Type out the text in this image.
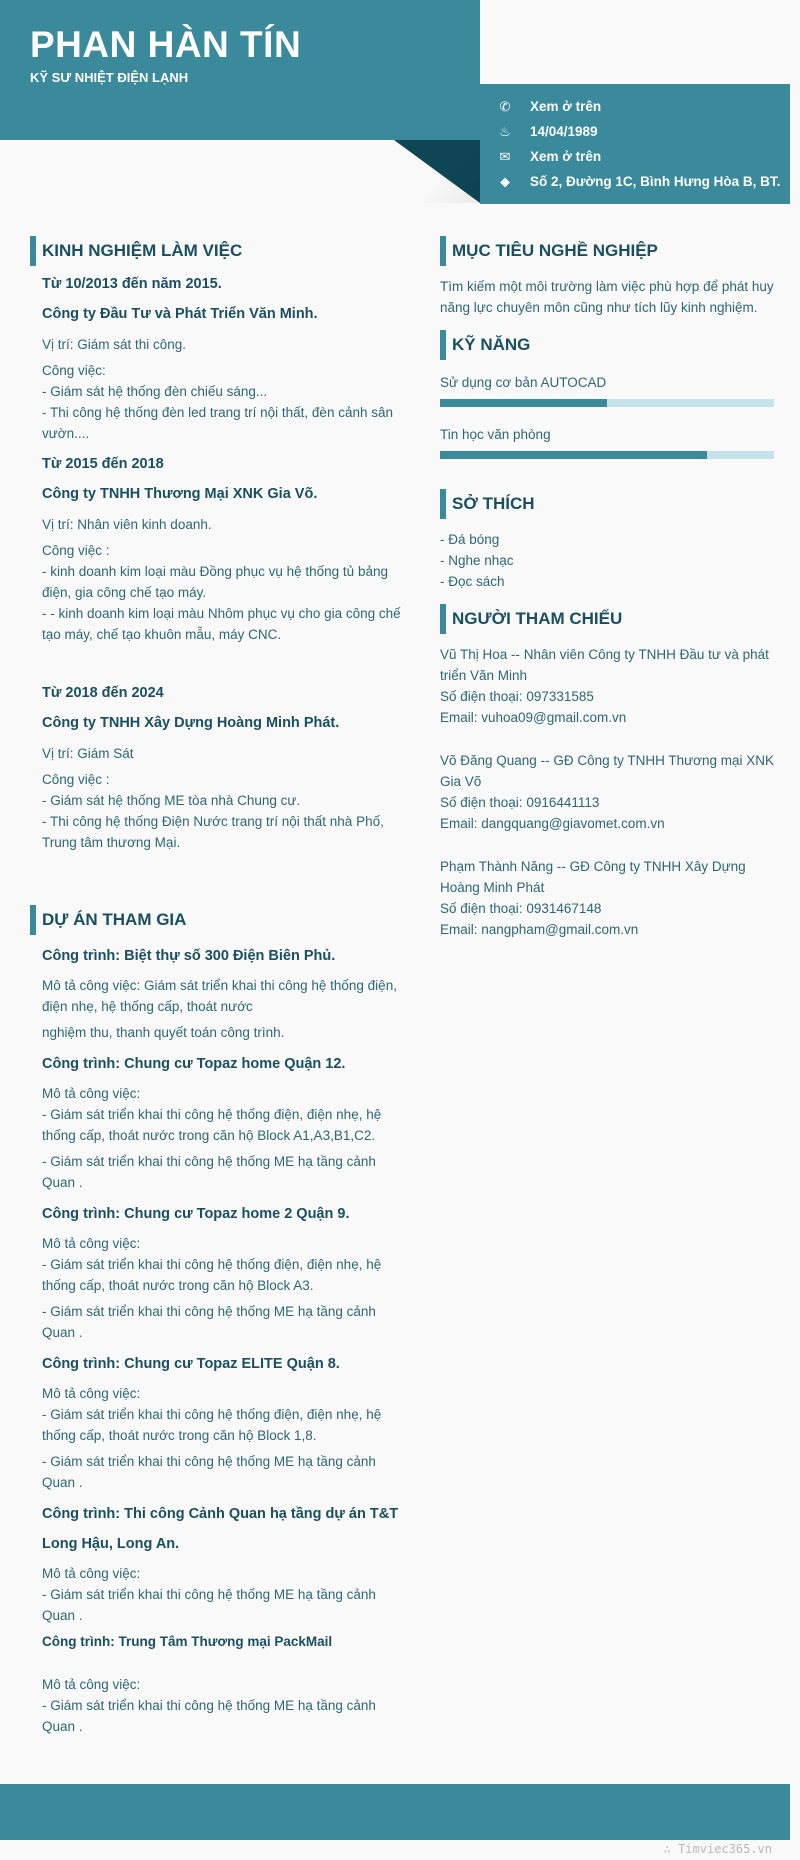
PHAN HÀN TÍN
KỸ SƯ NHIỆT ĐIỆN LẠNH
✆ Xem ở trên
♨ 14/04/1989
✉ Xem ở trên
⬥	Số 2, Đường 1C, Bình Hưng Hòa B, BT.
KINH NGHIỆM LÀM VIỆC
Từ 10/2013 đến năm 2015.
Công ty Đầu Tư và Phát Triển Văn Minh.
Vị trí: Giám sát thi công.
Công việc:
- Giám sát hệ thống đèn chiếu sáng...
- Thi công hệ thống đèn led trang trí nội thất, đèn cảnh sân vườn....
Từ 2015 đến 2018
Công ty TNHH Thương Mại XNK Gia Võ.
Vị trí: Nhân viên kinh doanh.
Công việc :
- kinh doanh kim loại màu Đồng phục vụ hệ thống tủ bảng điện, gia công chế tạo máy.
- - kinh doanh kim loại màu Nhôm phục vụ cho gia công chế tạo máy, chế tạo khuôn mẫu, máy CNC.
Từ 2018 đến 2024
Công ty TNHH Xây Dựng Hoàng Minh Phát.
Vị trí: Giám Sát
Công việc :
- Giám sát hệ thống ME tòa nhà Chung cư.
- Thi công hệ thống Điện Nước trang trí nội thất nhà Phố, Trung tâm thương Mại.
DỰ ÁN THAM GIA
Công trình: Biệt thự số 300 Điện Biên Phủ.
Mô tả công việc: Giám sát triển khai thi công hệ thống điện, điện nhẹ, hệ thống cấp, thoát nước
nghiệm thu, thanh quyết toán công trình.
Công trình: Chung cư Topaz home Quận 12.
Mô tả công việc:
- Giám sát triển khai thi công hệ thống điện, điện nhẹ, hệ thống cấp, thoát nước trong căn hộ Block A1,A3,B1,C2.
- Giám sát triển khai thi công hệ thống ME hạ tầng cảnh Quan .
Công trình: Chung cư Topaz home 2 Quận 9.
Mô tả công việc:
- Giám sát triển khai thi công hệ thống điện, điện nhẹ, hệ thống cấp, thoát nước trong căn hộ Block A3.
- Giám sát triển khai thi công hệ thống ME hạ tầng cảnh Quan .
Công trình: Chung cư Topaz ELITE Quận 8.
Mô tả công việc:
- Giám sát triển khai thi công hệ thống điện, điện nhẹ, hệ thống cấp, thoát nước trong căn hộ Block 1,8.
- Giám sát triển khai thi công hệ thống ME hạ tầng cảnh Quan .
Công trình: Thi công Cảnh Quan hạ tầng dự án T&T
Long Hậu, Long An.
Mô tả công việc:
- Giám sát triển khai thi công hệ thống ME hạ tầng cảnh Quan .
Công trình: Trung Tâm Thương mại PackMail
Mô tả công việc:
- Giám sát triển khai thi công hệ thống ME hạ tầng cảnh Quan .
MỤC TIÊU NGHỀ NGHIỆP
Tìm kiếm một môi trường làm việc phù hợp để phát huy năng lực chuyên môn cũng như tích lũy kinh nghiệm.
KỸ NĂNG
Sử dụng cơ bản AUTOCAD
Tin học văn phòng
SỞ THÍCH
- Đá bóng
- Nghe nhạc
- Đọc sách
NGƯỜI THAM CHIẾU
Vũ Thị Hoa -- Nhân viên Công ty TNHH Đầu tư và phát triển Văn Minh
Số điện thoại: 097331585
Email: vuhoa09@gmail.com.vn
Võ Đăng Quang -- GĐ Công ty TNHH Thương mại XNK Gia Võ
Số điện thoại: 0916441113
Email: dangquang@giavomet.com.vn
Phạm Thành Năng -- GĐ Công ty TNHH Xây Dựng Hoàng Minh Phát
Số điện thoại: 0931467148
Email: nangpham@gmail.com.vn
∴ Timviec365.vn
